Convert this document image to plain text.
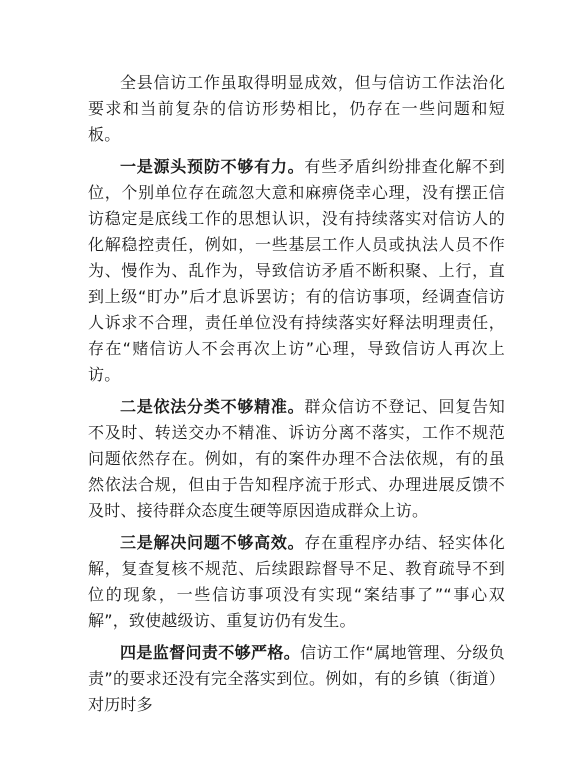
全县信访工作虽取得明显成效，但与信访工作法治化要求和当前复杂的信访形势相比，仍存在一些问题和短板。

一是源头预防不够有力。有些矛盾纠纷排查化解不到位，个别单位存在疏忽大意和麻痹侥幸心理，没有摆正信访稳定是底线工作的思想认识，没有持续落实对信访人的化解稳控责任，例如，一些基层工作人员或执法人员不作为、慢作为、乱作为，导致信访矛盾不断积聚、上行，直到上级“盯办”后才息诉罢访；有的信访事项，经调查信访人诉求不合理，责任单位没有持续落实好释法明理责任，存在“赌信访人不会再次上访”心理，导致信访人再次上访。

二是依法分类不够精准。群众信访不登记、回复告知不及时、转送交办不精准、诉访分离不落实，工作不规范问题依然存在。例如，有的案件办理不合法依规，有的虽然依法合规，但由于告知程序流于形式、办理进展反馈不及时、接待群众态度生硬等原因造成群众上访。

三是解决问题不够高效。存在重程序办结、轻实体化解，复查复核不规范、后续跟踪督导不足、教育疏导不到位的现象，一些信访事项没有实现“案结事了”“事心双解”，致使越级访、重复访仍有发生。

四是监督问责不够严格。信访工作“属地管理、分级负责”的要求还没有完全落实到位。例如，有的乡镇（街道）对历时多
